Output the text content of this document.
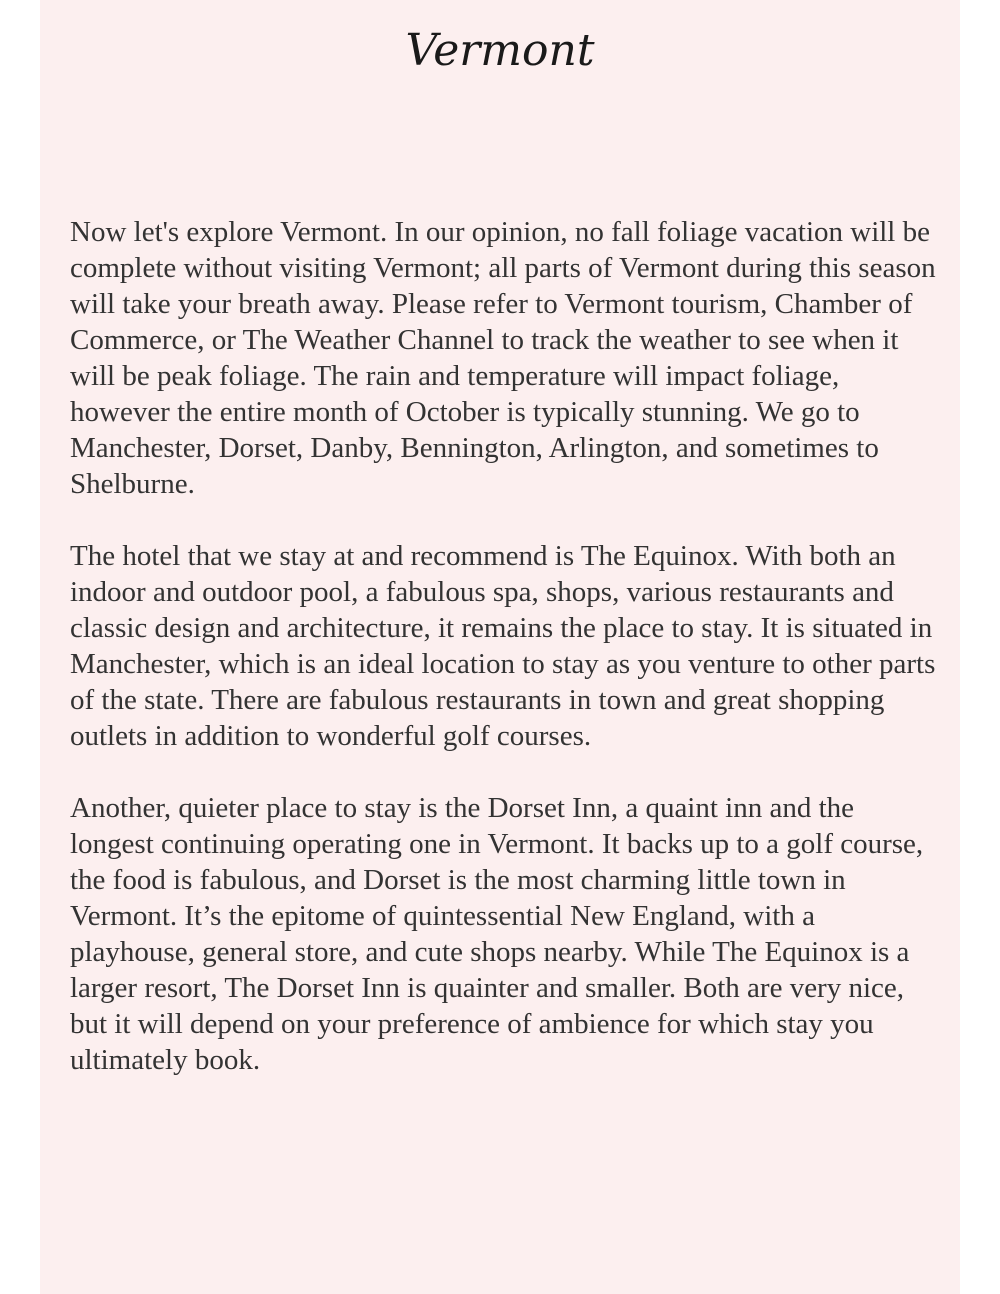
Vermont

Now let's explore Vermont. In our opinion, no fall foliage vacation will be complete without visiting Vermont; all parts of Vermont during this season will take your breath away. Please refer to Vermont tourism, Chamber of Commerce, or The Weather Channel to track the weather to see when it will be peak foliage. The rain and temperature will impact foliage, however the entire month of October is typically stunning. We go to Manchester, Dorset, Danby, Bennington, Arlington, and sometimes to Shelburne.

The hotel that we stay at and recommend is The Equinox. With both an indoor and outdoor pool, a fabulous spa, shops, various restaurants and classic design and architecture, it remains the place to stay. It is situated in Manchester, which is an ideal location to stay as you venture to other parts of the state. There are fabulous restaurants in town and great shopping outlets in addition to wonderful golf courses.

Another, quieter place to stay is the Dorset Inn, a quaint inn and the longest continuing operating one in Vermont. It backs up to a golf course, the food is fabulous, and Dorset is the most charming little town in Vermont. It’s the epitome of quintessential New England, with a playhouse, general store, and cute shops nearby. While The Equinox is a larger resort, The Dorset Inn is quainter and smaller. Both are very nice, but it will depend on your preference of ambience for which stay you ultimately book.
